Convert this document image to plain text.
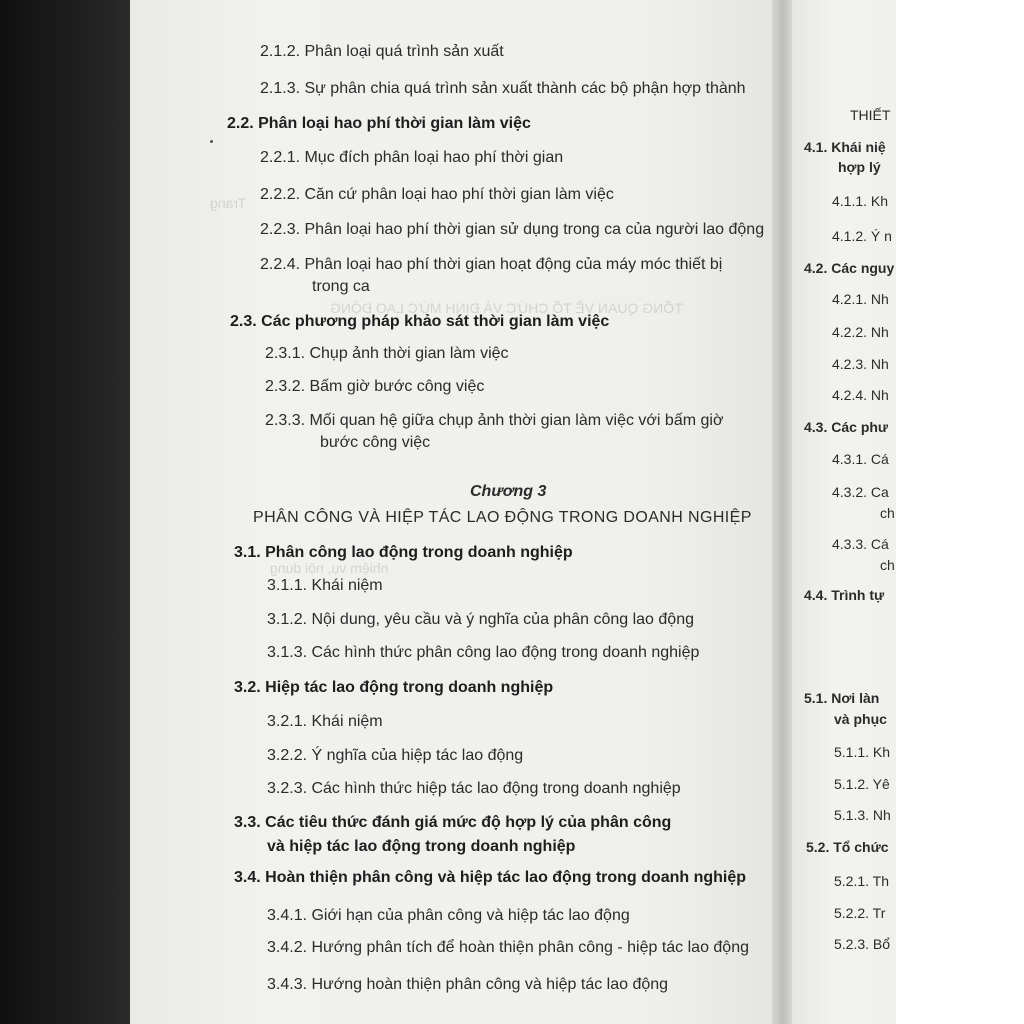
Trang
TỔNG QUAN VỀ TỔ CHỨC VÀ ĐỊNH MỨC LAO ĐỘNG
nhiệm vụ, nội dung
2.1.2. Phân loại quá trình sản xuất
2.1.3. Sự phân chia quá trình sản xuất thành các bộ phận hợp thành
2.2. Phân loại hao phí thời gian làm việc
2.2.1. Mục đích phân loại hao phí thời gian
2.2.2. Căn cứ phân loại hao phí thời gian làm việc
2.2.3. Phân loại hao phí thời gian sử dụng trong ca của người lao động
2.2.4. Phân loại hao phí thời gian hoạt động của máy móc thiết bị
trong ca
2.3. Các phương pháp khảo sát thời gian làm việc
2.3.1. Chụp ảnh thời gian làm việc
2.3.2. Bấm giờ bước công việc
2.3.3. Mối quan hệ giữa chụp ảnh thời gian làm việc với bấm giờ
bước công việc
Chương 3
PHÂN CÔNG VÀ HIỆP TÁC LAO ĐỘNG TRONG DOANH NGHIỆP
3.1. Phân công lao động trong doanh nghiệp
3.1.1. Khái niệm
3.1.2. Nội dung, yêu cầu và ý nghĩa của phân công lao động
3.1.3. Các hình thức phân công lao động trong doanh nghiệp
3.2. Hiệp tác lao động trong doanh nghiệp
3.2.1. Khái niệm
3.2.2. Ý nghĩa của hiệp tác lao động
3.2.3. Các hình thức hiệp tác lao động trong doanh nghiệp
3.3. Các tiêu thức đánh giá mức độ hợp lý của phân công
và hiệp tác lao động trong doanh nghiệp
3.4. Hoàn thiện phân công và hiệp tác lao động trong doanh nghiệp
3.4.1. Giới hạn của phân công và hiệp tác lao động
3.4.2. Hướng phân tích để hoàn thiện phân công - hiệp tác lao động
3.4.3. Hướng hoàn thiện phân công và hiệp tác lao động
THIẾT
4.1. Khái niệ
hợp lý
4.1.1. Kh
4.1.2. Ý n
4.2. Các nguy
4.2.1. Nh
4.2.2. Nh
4.2.3. Nh
4.2.4. Nh
4.3. Các phư
4.3.1. Cá
4.3.2. Ca
ch
4.3.3. Cá
ch
4.4. Trình tự
5.1. Nơi làn
và phục
5.1.1. Kh
5.1.2. Yê
5.1.3. Nh
5.2. Tổ chức
5.2.1. Th
5.2.2. Tr
5.2.3. Bổ
